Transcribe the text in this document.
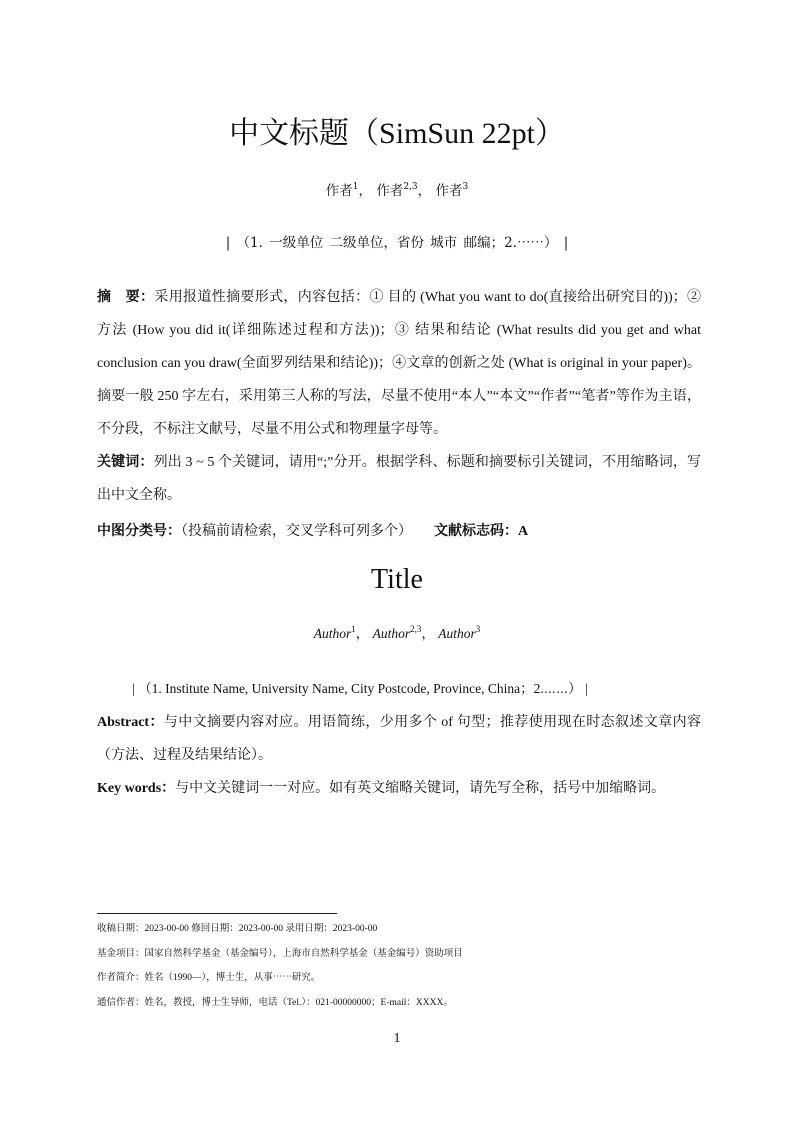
中文标题（SimSun 22pt）
作者$^1$， 作者$^{2,3}$， 作者$^3$
| （1. 一级单位 二级单位，省份 城市 邮编；2.⋯⋯） |
摘　要：采用报道性摘要形式，内容包括：① 目的 (What you want to do(直接给出研究目的))；② 方法 (How you did it(详细陈述过程和方法))；③ 结果和结论 (What results did you get and what conclusion can you draw(全面罗列结果和结论))；④文章的创新之处 (What is original in your paper)。摘要一般 250 字左右，采用第三人称的写法，尽量不使用“本人”“本文”“作者”“笔者”等作为主语，不分段，不标注文献号，尽量不用公式和物理量字母等。
关键词：列出 3 ~ 5 个关键词，请用“;”分开。根据学科、标题和摘要标引关键词，不用缩略词，写出中文全称。
中图分类号：（投稿前请检索，交叉学科可列多个） 文献标志码：A
Title
Author$^1$， Author$^{2,3}$， Author$^3$
| （1. Institute Name, University Name, City Postcode, Province, China；2.⋯⋯） |
Abstract：与中文摘要内容对应。用语简练，少用多个 of 句型；推荐使用现在时态叙述文章内容（方法、过程及结果结论）。
Key words：与中文关键词一一对应。如有英文缩略关键词，请先写全称，括号中加缩略词。
收稿日期：2023-00-00 修回日期：2023-00-00 录用日期：2023-00-00
基金项目：国家自然科学基金（基金编号），上海市自然科学基金（基金编号）资助项目
作者简介：姓名（1990—），博士生，从事⋯⋯研究。
通信作者：姓名，教授，博士生导师，电话（Tel.）：021-00000000；E-mail：XXXX。
1
